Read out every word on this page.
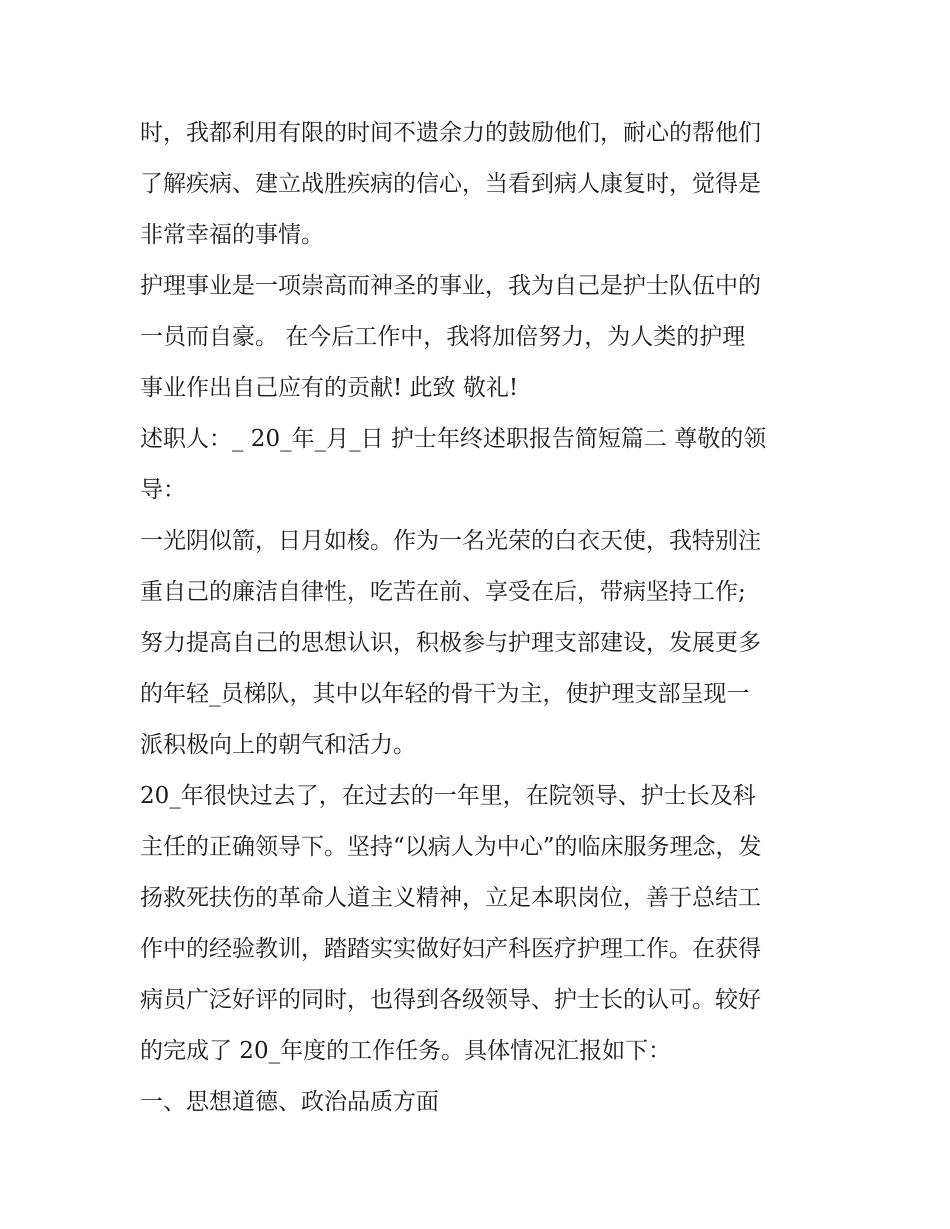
时，我都利用有限的时间不遗余力的鼓励他们，耐心的帮他们
了解疾病、建立战胜疾病的信心，当看到病人康复时，觉得是
非常幸福的事情。
护理事业是一项崇高而神圣的事业，我为自己是护士队伍中的
一员而自豪。 在今后工作中，我将加倍努力，为人类的护理
事业作出自己应有的贡献! 此致 敬礼!
述职人：_ 20_年_月_日 护士年终述职报告简短篇二 尊敬的领
导：
一光阴似箭，日月如梭。作为一名光荣的白衣天使，我特别注
重自己的廉洁自律性，吃苦在前、享受在后，带病坚持工作;
努力提高自己的思想认识，积极参与护理支部建设，发展更多
的年轻_员梯队，其中以年轻的骨干为主，使护理支部呈现一
派积极向上的朝气和活力。
20_年很快过去了，在过去的一年里，在院领导、护士长及科
主任的正确领导下。坚持“以病人为中心”的临床服务理念，发
扬救死扶伤的革命人道主义精神，立足本职岗位，善于总结工
作中的经验教训，踏踏实实做好妇产科医疗护理工作。在获得
病员广泛好评的同时，也得到各级领导、护士长的认可。较好
的完成了 20_年度的工作任务。具体情况汇报如下：
一、思想道德、政治品质方面
